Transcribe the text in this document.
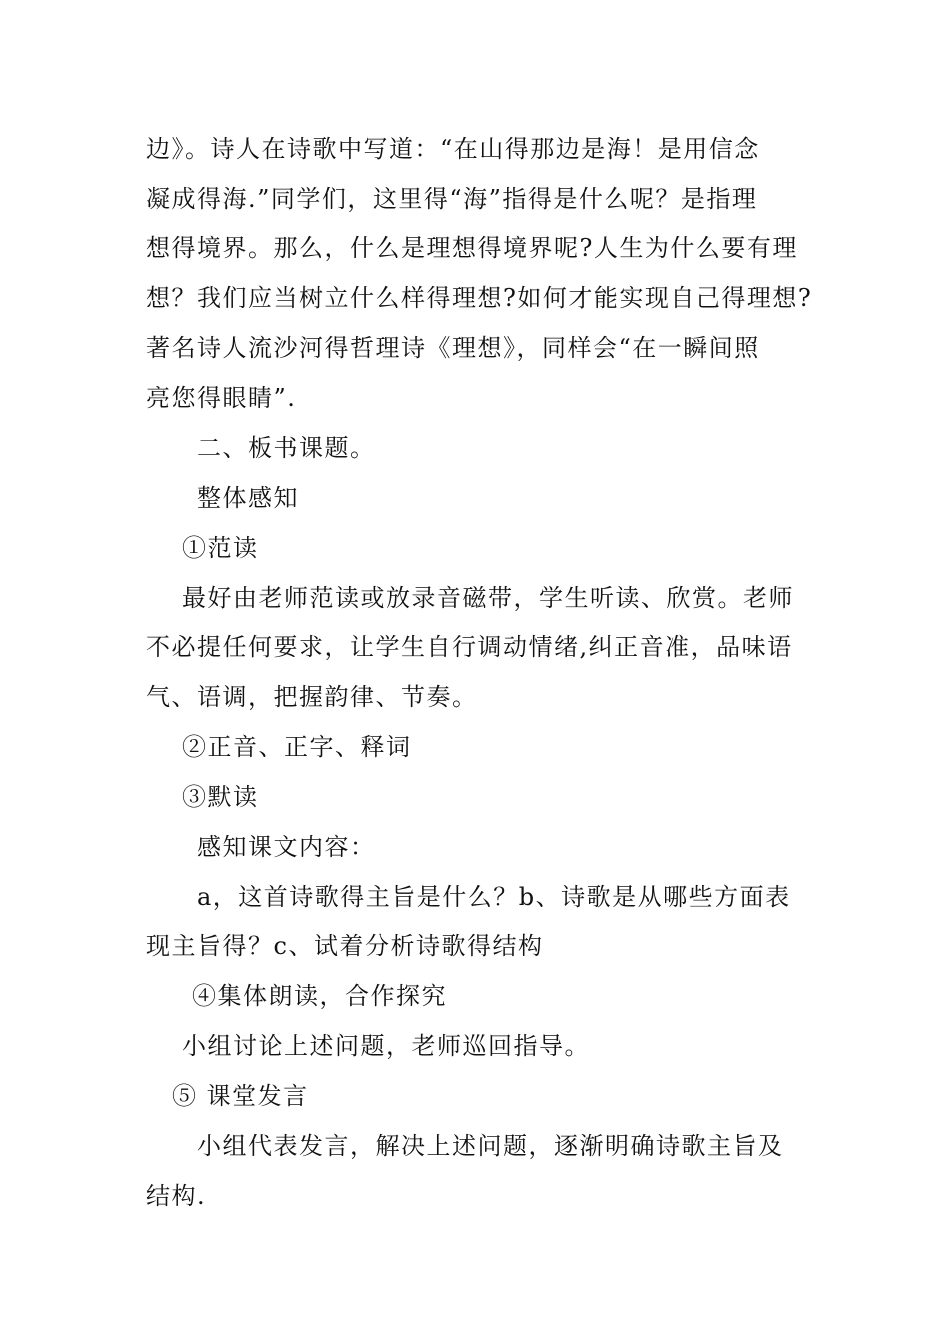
边》。诗人在诗歌中写道：“在山得那边是海！是用信念

凝成得海.”同学们，这里得“海”指得是什么呢？是指理

想得境界。那么，什么是理想得境界呢?人生为什么要有理

想？我们应当树立什么样得理想?如何才能实现自己得理想?

著名诗人流沙河得哲理诗《理想》，同样会“在一瞬间照

亮您得眼睛”.

二、板书课题。

整体感知

①范读

最好由老师范读或放录音磁带，学生听读、欣赏。老师

不必提任何要求，让学生自行调动情绪,纠正音准，品味语

气、语调，把握韵律、节奏。

②正音、正字、释词

③默读

感知课文内容：

a，这首诗歌得主旨是什么？b、诗歌是从哪些方面表

现主旨得？c、试着分析诗歌得结构

④集体朗读，合作探究

小组讨论上述问题，老师巡回指导。

⑤ 课堂发言

小组代表发言，解决上述问题，逐渐明确诗歌主旨及

结构.
